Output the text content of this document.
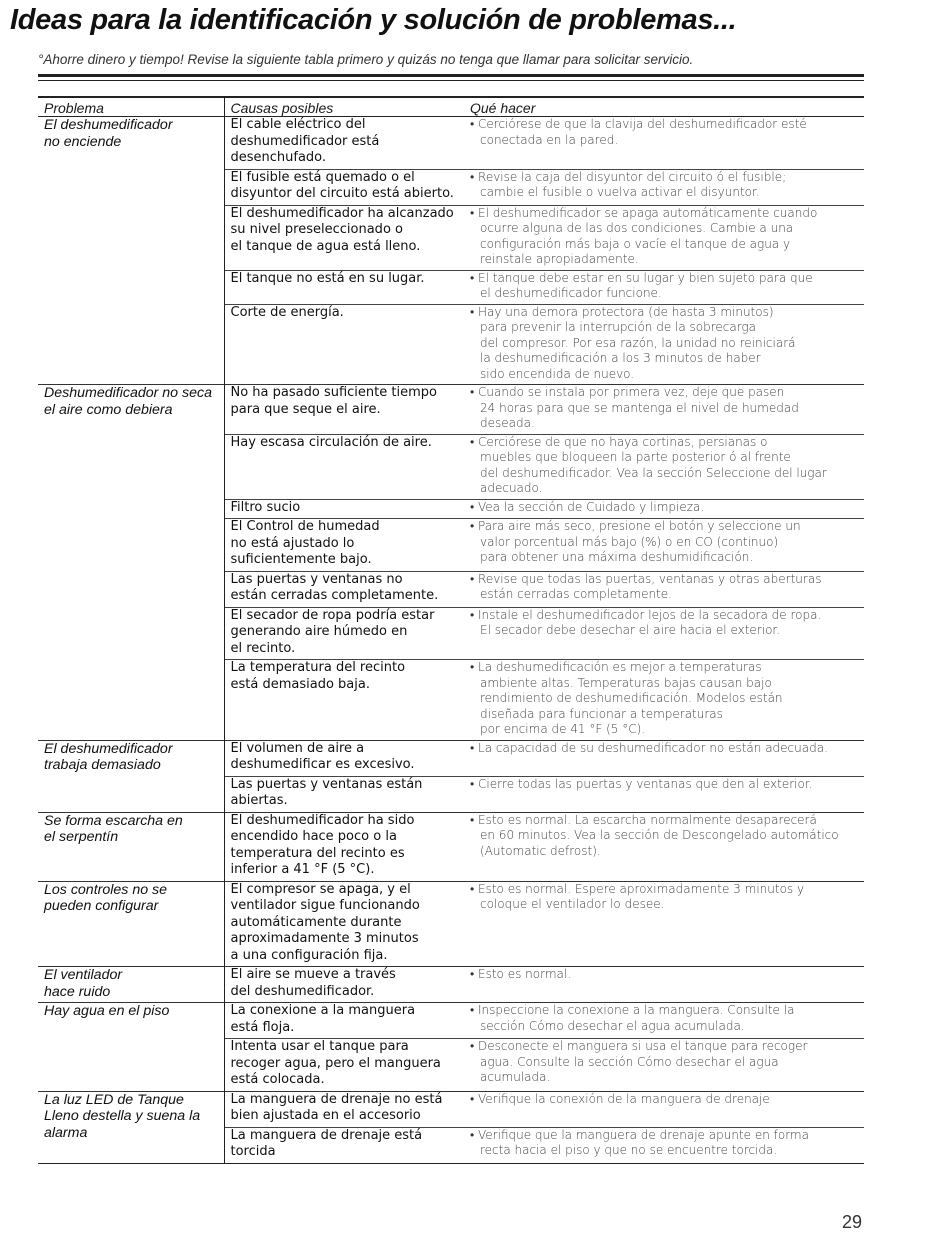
Ideas para la identificación y solución de problemas...

°Ahorre dinero y tiempo! Revise la siguiente tabla primero y quizás no tenga que llamar para solicitar servicio.

Problema	Causas posibles	Qué hacer
El deshumedificador
no enciende	El cable eléctrico del
deshumedificador está
desenchufado.	• Cerciórese de que la clavija del deshumedificador esté
conectada en la pared.

	El fusible está quemado o el
disyuntor del circuito está abierto.	• Revise la caja del disyuntor del circuito ó el fusible;
cambie el fusible o vuelva activar el disyuntor.

	El deshumedificador ha alcanzado
su nivel preseleccionado o
el tanque de agua está lleno.	• El deshumedificador se apaga automáticamente cuando
ocurre alguna de las dos condiciones. Cambie a una
configuración más baja o vacíe el tanque de agua y
reinstale apropiadamente.

	El tanque no está en su lugar.	• El tanque debe estar en su lugar y bien sujeto para que
el deshumedificador funcione.

	Corte de energía.	• Hay una demora protectora (de hasta 3 minutos)
para prevenir la interrupción de la sobrecarga
del compresor. Por esa razón, la unidad no reiniciará
la deshumedificación a los 3 minutos de haber
sido encendida de nuevo.

Deshumedificador no seca
el aire como debiera	No ha pasado suficiente tiempo
para que seque el aire.	• Cuando se instala por primera vez, deje que pasen
24 horas para que se mantenga el nivel de humedad
deseada.

	Hay escasa circulación de aire.	• Cerciórese de que no haya cortinas, persianas o
muebles que bloqueen la parte posterior ó al frente
del deshumedificador. Vea la sección Seleccione del lugar
adecuado.

	Filtro sucio	• Vea la sección de Cuidado y limpieza.

	El Control de humedad
no está ajustado lo
suficientemente bajo.	• Para aire más seco, presione el botón y seleccione un
valor porcentual más bajo (%) o en CO (continuo)
para obtener una máxima deshumidificación.

	Las puertas y ventanas no
están cerradas completamente.	• Revise que todas las puertas, ventanas y otras aberturas
están cerradas completamente.

	El secador de ropa podría estar
generando aire húmedo en
el recinto.	• Instale el deshumedificador lejos de la secadora de ropa.
El secador debe desechar el aire hacia el exterior.

	La temperatura del recinto
está demasiado baja.	• La deshumedificación es mejor a temperaturas
ambiente altas. Temperaturas bajas causan bajo
rendimiento de deshumedificación. Modelos están
diseñada para funcionar a temperaturas
por encima de 41 °F (5 °C).

El deshumedificador
trabaja demasiado	El volumen de aire a
deshumedificar es excesivo.	• La capacidad de su deshumedificador no están adecuada.

	Las puertas y ventanas están
abiertas.	• Cierre todas las puertas y ventanas que den al exterior.

Se forma escarcha en
el serpentín	El deshumedificador ha sido
encendido hace poco o la
temperatura del recinto es
inferior a 41 °F (5 °C).	• Esto es normal. La escarcha normalmente desaparecerá
en 60 minutos. Vea la sección de Descongelado automático
(Automatic defrost).

Los controles no se
pueden configurar	El compresor se apaga, y el
ventilador sigue funcionando
automáticamente durante
aproximadamente 3 minutos
a una configuración fija.	• Esto es normal. Espere aproximadamente 3 minutos y
coloque el ventilador lo desee.

El ventilador
hace ruido	El aire se mueve a través
del deshumedificador.	• Esto es normal.

Hay agua en el piso	La conexione a la manguera
está floja.	• Inspeccione la conexione a la manguera. Consulte la
sección Cómo desechar el agua acumulada.

	Intenta usar el tanque para
recoger agua, pero el manguera
está colocada.	• Desconecte el manguera si usa el tanque para recoger
agua. Consulte la sección Cómo desechar el agua
acumulada.

La luz LED de Tanque
Lleno destella y suena la
alarma	La manguera de drenaje no está
bien ajustada en el accesorio	• Verifique la conexión de la manguera de drenaje

	La manguera de drenaje está
torcida	• Verifique que la manguera de drenaje apunte en forma
recta hacia el piso y que no se encuentre torcida.
29
